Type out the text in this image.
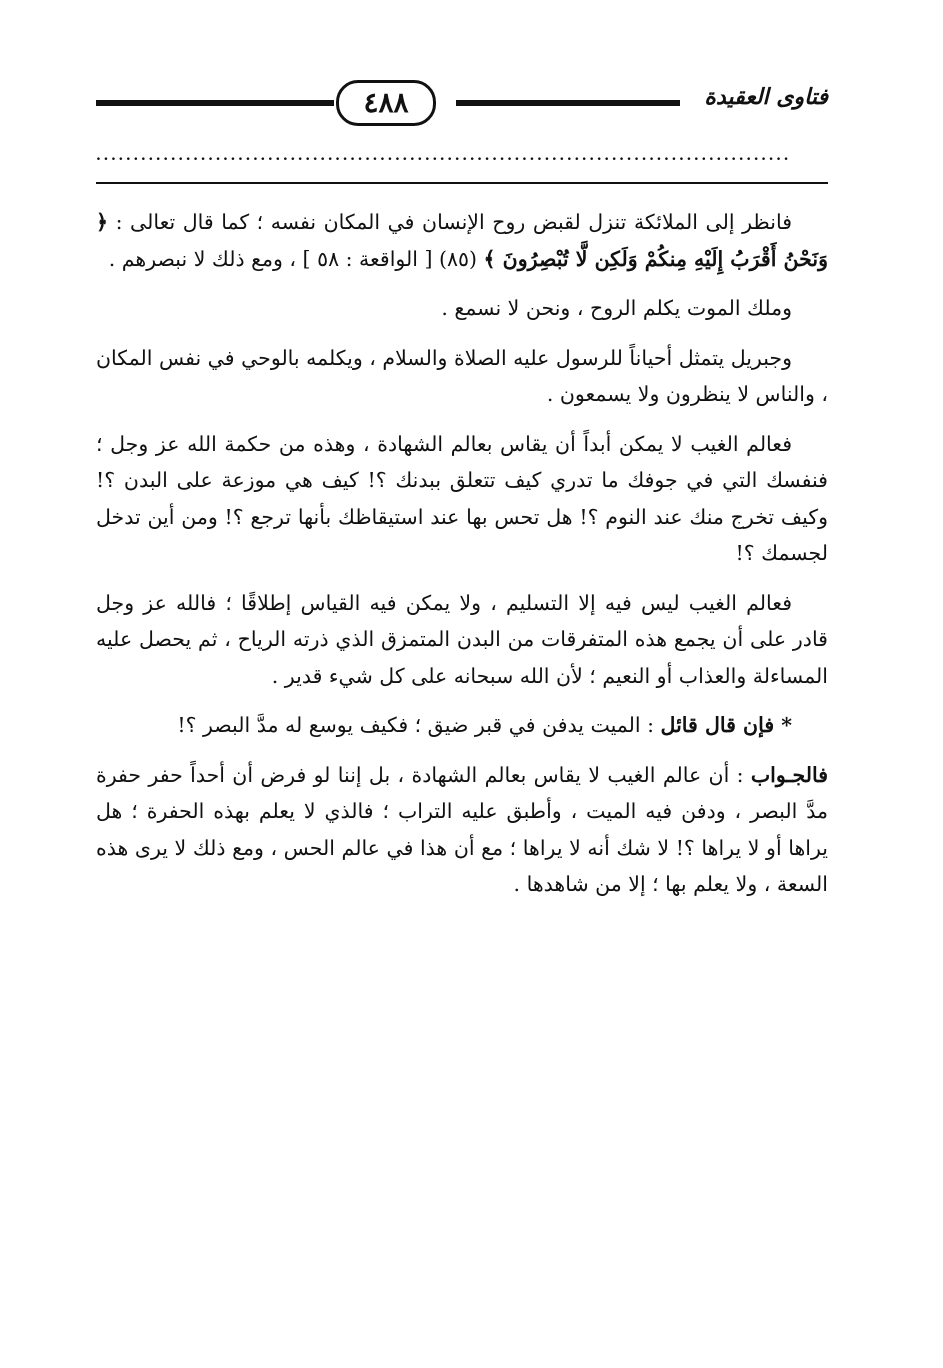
فتاوى العقيدة
٤٨٨
.............................................................................................

فانظر إلى الملائكة تنزل لقبض روح الإنسان في المكان نفسه ؛ كما قال تعالى : ﴿ وَنَحْنُ أَقْرَبُ إِلَيْهِ مِنكُمْ وَلَكِن لَّا تُبْصِرُونَ ﴾ (٨٥) [ الواقعة : ٥٨ ] ، ومع ذلك لا نبصرهم .

وملك الموت يكلم الروح ، ونحن لا نسمع .

وجبريل يتمثل أحياناً للرسول عليه الصلاة والسلام ، ويكلمه بالوحي في نفس المكان ، والناس لا ينظرون ولا يسمعون .

فعالم الغيب لا يمكن أبداً أن يقاس بعالم الشهادة ، وهذه من حكمة الله عز وجل ؛ فنفسك التي في جوفك ما تدري كيف تتعلق ببدنك ؟! كيف هي موزعة على البدن ؟! وكيف تخرج منك عند النوم ؟! هل تحس بها عند استيقاظك بأنها ترجع ؟! ومن أين تدخل لجسمك ؟!

فعالم الغيب ليس فيه إلا التسليم ، ولا يمكن فيه القياس إطلاقًا ؛ فالله عز وجل قادر على أن يجمع هذه المتفرقات من البدن المتمزق الذي ذرته الرياح ، ثم يحصل عليه المساءلة والعذاب أو النعيم ؛ لأن الله سبحانه على كل شيء قدير .

* فإن قال قائل : الميت يدفن في قبر ضيق ؛ فكيف يوسع له مدَّ البصر ؟!

فالجـواب : أن عالم الغيب لا يقاس بعالم الشهادة ، بل إننا لو فرض أن أحداً حفر حفرة مدَّ البصر ، ودفن فيه الميت ، وأطبق عليه التراب ؛ فالذي لا يعلم بهذه الحفرة ؛ هل يراها أو لا يراها ؟! لا شك أنه لا يراها ؛ مع أن هذا في عالم الحس ، ومع ذلك لا يرى هذه السعة ، ولا يعلم بها ؛ إلا من شاهدها .
